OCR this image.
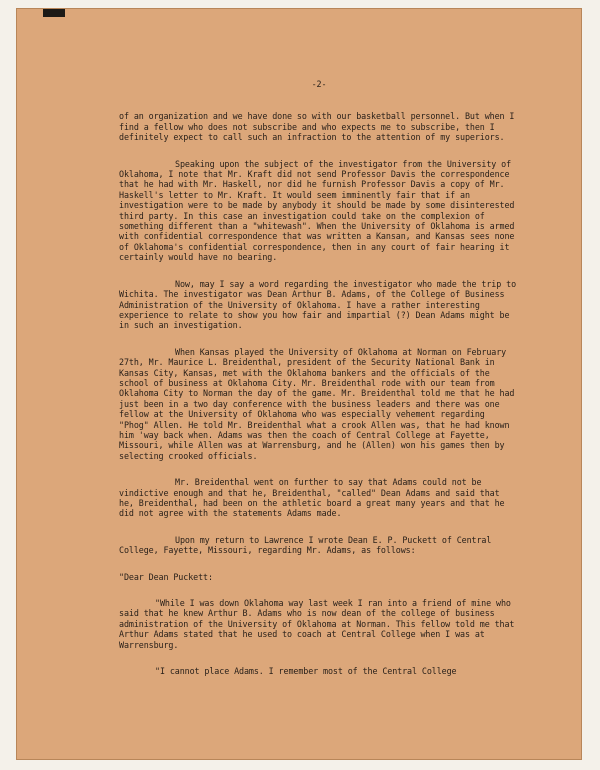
-2-

of an organization and we have done so with our basketball personnel. But when I find a fellow who does not subscribe and who expects me to subscribe, then I definitely expect to call such an infraction to the attention of my superiors.

Speaking upon the subject of the investigator from the University of Oklahoma, I note that Mr. Kraft did not send Professor Davis the correspondence that he had with Mr. Haskell, nor did he furnish Professor Davis a copy of Mr. Haskell's letter to Mr. Kraft. It would seem imminently fair that if an investigation were to be made by anybody it should be made by some disinterested third party. In this case an investigation could take on the complexion of something different than a "whitewash". When the University of Oklahoma is armed with confidential correspondence that was written a Kansan, and Kansas sees none of Oklahoma's confidential correspondence, then in any court of fair hearing it certainly would have no bearing.

Now, may I say a word regarding the investigator who made the trip to Wichita. The investigator was Dean Arthur B. Adams, of the College of Business Administration of the University of Oklahoma. I have a rather interesting experience to relate to show you how fair and impartial (?) Dean Adams might be in such an investigation.

When Kansas played the University of Oklahoma at Norman on February 27th, Mr. Maurice L. Breidenthal, president of the Security National Bank in Kansas City, Kansas, met with the Oklahoma bankers and the officials of the school of business at Oklahoma City. Mr. Breidenthal rode with our team from Oklahoma City to Norman the day of the game. Mr. Breidenthal told me that he had just been in a two day conference with the business leaders and there was one fellow at the University of Oklahoma who was especially vehement regarding "Phog" Allen. He told Mr. Breidenthal what a crook Allen was, that he had known him 'way back when. Adams was then the coach of Central College at Fayette, Missouri, while Allen was at Warrensburg, and he (Allen) won his games then by selecting crooked officials.

Mr. Breidenthal went on further to say that Adams could not be vindictive enough and that he, Breidenthal, "called" Dean Adams and said that he, Breidenthal, had been on the athletic board a great many years and that he did not agree with the statements Adams made.

Upon my return to Lawrence I wrote Dean E. P. Puckett of Central College, Fayette, Missouri, regarding Mr. Adams, as follows:

"Dear Dean Puckett:

"While I was down Oklahoma way last week I ran into a friend of mine who said that he knew Arthur B. Adams who is now dean of the college of business administration of the University of Oklahoma at Norman. This fellow told me that Arthur Adams stated that he used to coach at Central College when I was at Warrensburg.

"I cannot place Adams. I remember most of the Central College
